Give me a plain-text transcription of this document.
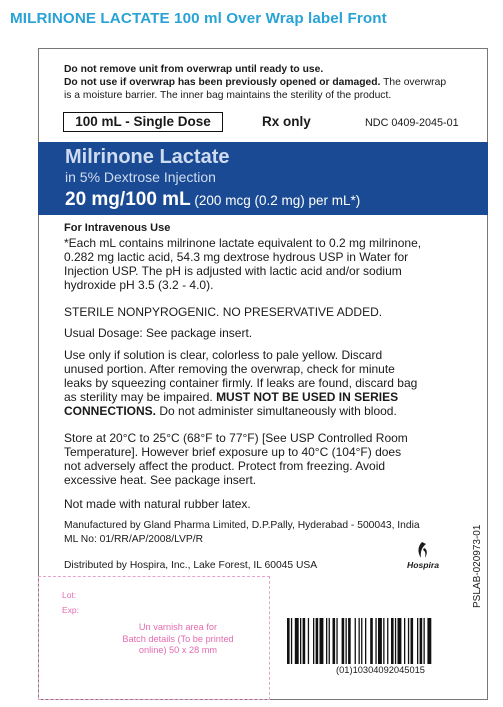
MILRINONE LACTATE 100 ml Over Wrap label Front
Do not remove unit from overwrap until ready to use.
Do not use if overwrap has been previously opened or damaged. The overwrap
is a moisture barrier. The inner bag maintains the sterility of the product.
100 mL - Single Dose	Rx only	NDC 0409-2045-01
Milrinone Lactate
in 5% Dextrose Injection
20 mg/100 mL (200 mcg (0.2 mg) per mL*)
For Intravenous Use
*Each mL contains milrinone lactate equivalent to 0.2 mg milrinone,
0.282 mg lactic acid, 54.3 mg dextrose hydrous USP in Water for
Injection USP. The pH is adjusted with lactic acid and/or sodium
hydroxide pH 3.5 (3.2 - 4.0).
STERILE NONPYROGENIC. NO PRESERVATIVE ADDED.
Usual Dosage: See package insert.
Use only if solution is clear, colorless to pale yellow. Discard
unused portion. After removing the overwrap, check for minute
leaks by squeezing container firmly. If leaks are found, discard bag
as sterility may be impaired. MUST NOT BE USED IN SERIES
CONNECTIONS. Do not administer simultaneously with blood.
Store at 20°C to 25°C (68°F to 77°F) [See USP Controlled Room
Temperature]. However brief exposure up to 40°C (104°F) does
not adversely affect the product. Protect from freezing. Avoid
excessive heat. See package insert.
Not made with natural rubber latex.
Manufactured by Gland Pharma Limited, D.P.Pally, Hyderabad - 500043, India
ML No: 01/RR/AP/2008/LVP/R
Distributed by Hospira, Inc., Lake Forest, IL 60045 USA	Hospira
Lot:
Exp:
Un varnish area for
Batch details (To be printed
online) 50 x 28 mm
PSLAB-020973-01
(01)10304092045015
